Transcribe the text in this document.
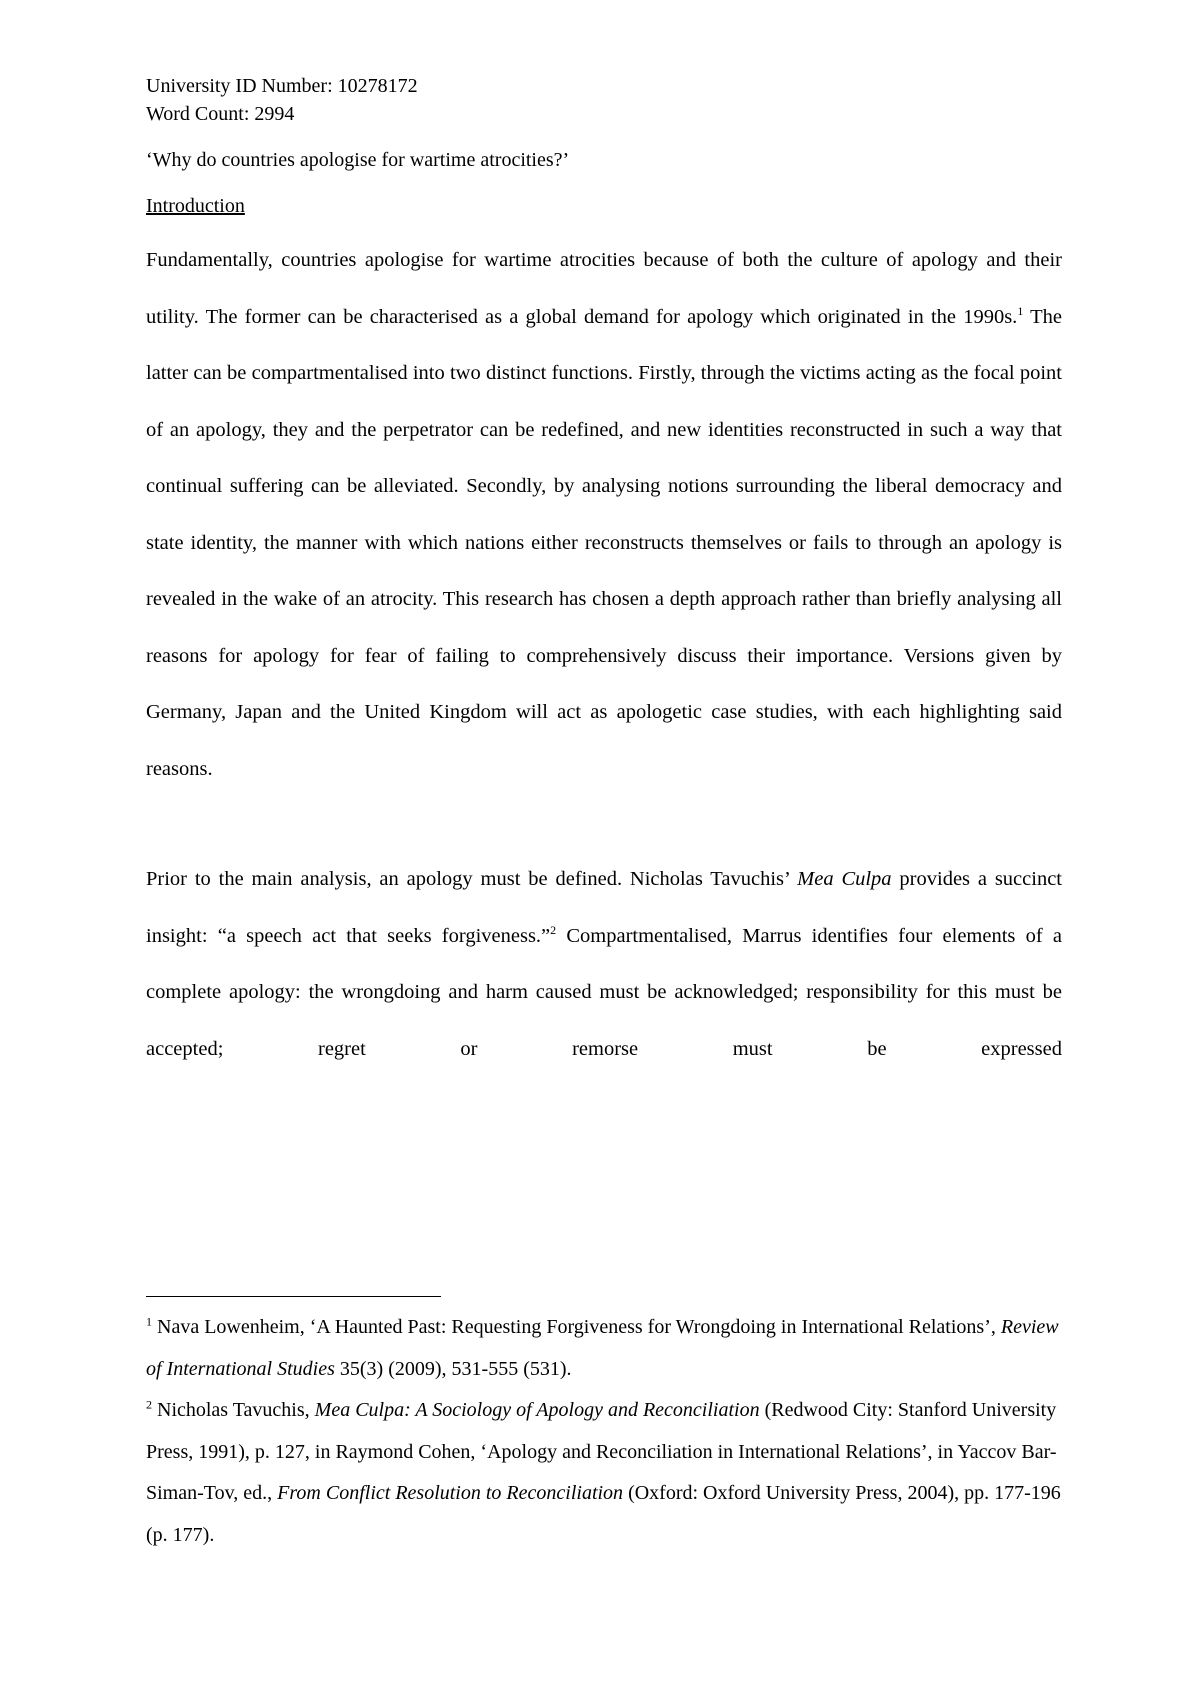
University ID Number: 10278172
Word Count: 2994
‘Why do countries apologise for wartime atrocities?’
Introduction

Fundamentally, countries apologise for wartime atrocities because of both the culture of apology and their utility. The former can be characterised as a global demand for apology which originated in the 1990s.$^1$ The latter can be compartmentalised into two distinct functions. Firstly, through the victims acting as the focal point of an apology, they and the perpetrator can be redefined, and new identities reconstructed in such a way that continual suffering can be alleviated. Secondly, by analysing notions surrounding the liberal democracy and state identity, the manner with which nations either reconstructs themselves or fails to through an apology is revealed in the wake of an atrocity. This research has chosen a depth approach rather than briefly analysing all reasons for apology for fear of failing to comprehensively discuss their importance. Versions given by Germany, Japan and the United Kingdom will act as apologetic case studies, with each highlighting said reasons.

Prior to the main analysis, an apology must be defined. Nicholas Tavuchis’ Mea Culpa provides a succinct insight: “a speech act that seeks forgiveness.”$^2$ Compartmentalised, Marrus identifies four elements of a complete apology: the wrongdoing and harm caused must be acknowledged; responsibility for this must be accepted; regret or remorse must be expressed

$^1$ Nava Lowenheim, ‘A Haunted Past: Requesting Forgiveness for Wrongdoing in International Relations’, Review of International Studies 35(3) (2009), 531-555 (531).

$^2$ Nicholas Tavuchis, Mea Culpa: A Sociology of Apology and Reconciliation (Redwood City: Stanford University Press, 1991), p. 127, in Raymond Cohen, ‘Apology and Reconciliation in International Relations’, in Yaccov Bar-Siman-Tov, ed., From Conflict Resolution to Reconciliation (Oxford: Oxford University Press, 2004), pp. 177-196 (p. 177).
